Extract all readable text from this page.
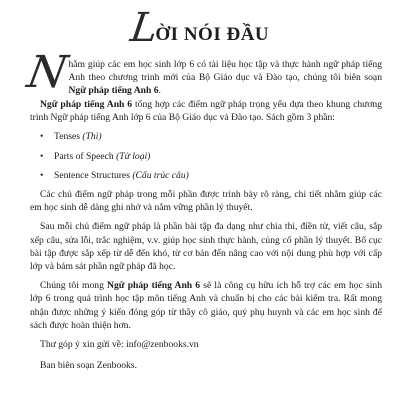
LỜI NÓI ĐẦU
N
hằm giúp các em học sinh lớp 6 có tài liệu học tập và thực hành ngữ pháp tiếng Anh theo chương trình mới của Bộ Giáo dục và Đào tạo, chúng tôi biên soạn Ngữ pháp tiếng Anh 6.

Ngữ pháp tiếng Anh 6 tổng hợp các điểm ngữ pháp trọng yếu dựa theo khung chương trình Ngữ pháp tiếng Anh lớp 6 của Bộ Giáo dục và Đào tạo. Sách gồm 3 phần:

• Tenses (Thì)
• Parts of Speech (Từ loại)
• Sentence Structures (Cấu trúc câu)

Các chủ điểm ngữ pháp trong mỗi phần được trình bày rõ ràng, chi tiết nhằm giúp các em học sinh dễ dàng ghi nhớ và nắm vững phần lý thuyết.

Sau mỗi chủ điểm ngữ pháp là phần bài tập đa dạng như chia thì, điền từ, viết câu, sắp xếp câu, sửa lỗi, trắc nghiệm, v.v. giúp học sinh thực hành, củng cố phần lý thuyết. Bố cục bài tập được sắp xếp từ dễ đến khó, từ cơ bản đến nâng cao với nội dung phù hợp với cấp lớp và bám sát phần ngữ pháp đã học.

Chúng tôi mong Ngữ pháp tiếng Anh 6 sẽ là công cụ hữu ích hỗ trợ các em học sinh lớp 6 trong quá trình học tập môn tiếng Anh và chuẩn bị cho các bài kiểm tra. Rất mong nhận được những ý kiến đóng góp từ thầy cô giáo, quý phụ huynh và các em học sinh để sách được hoàn thiện hơn.

Thư góp ý xin gửi về: info@zenbooks.vn

Ban biên soạn Zenbooks.
